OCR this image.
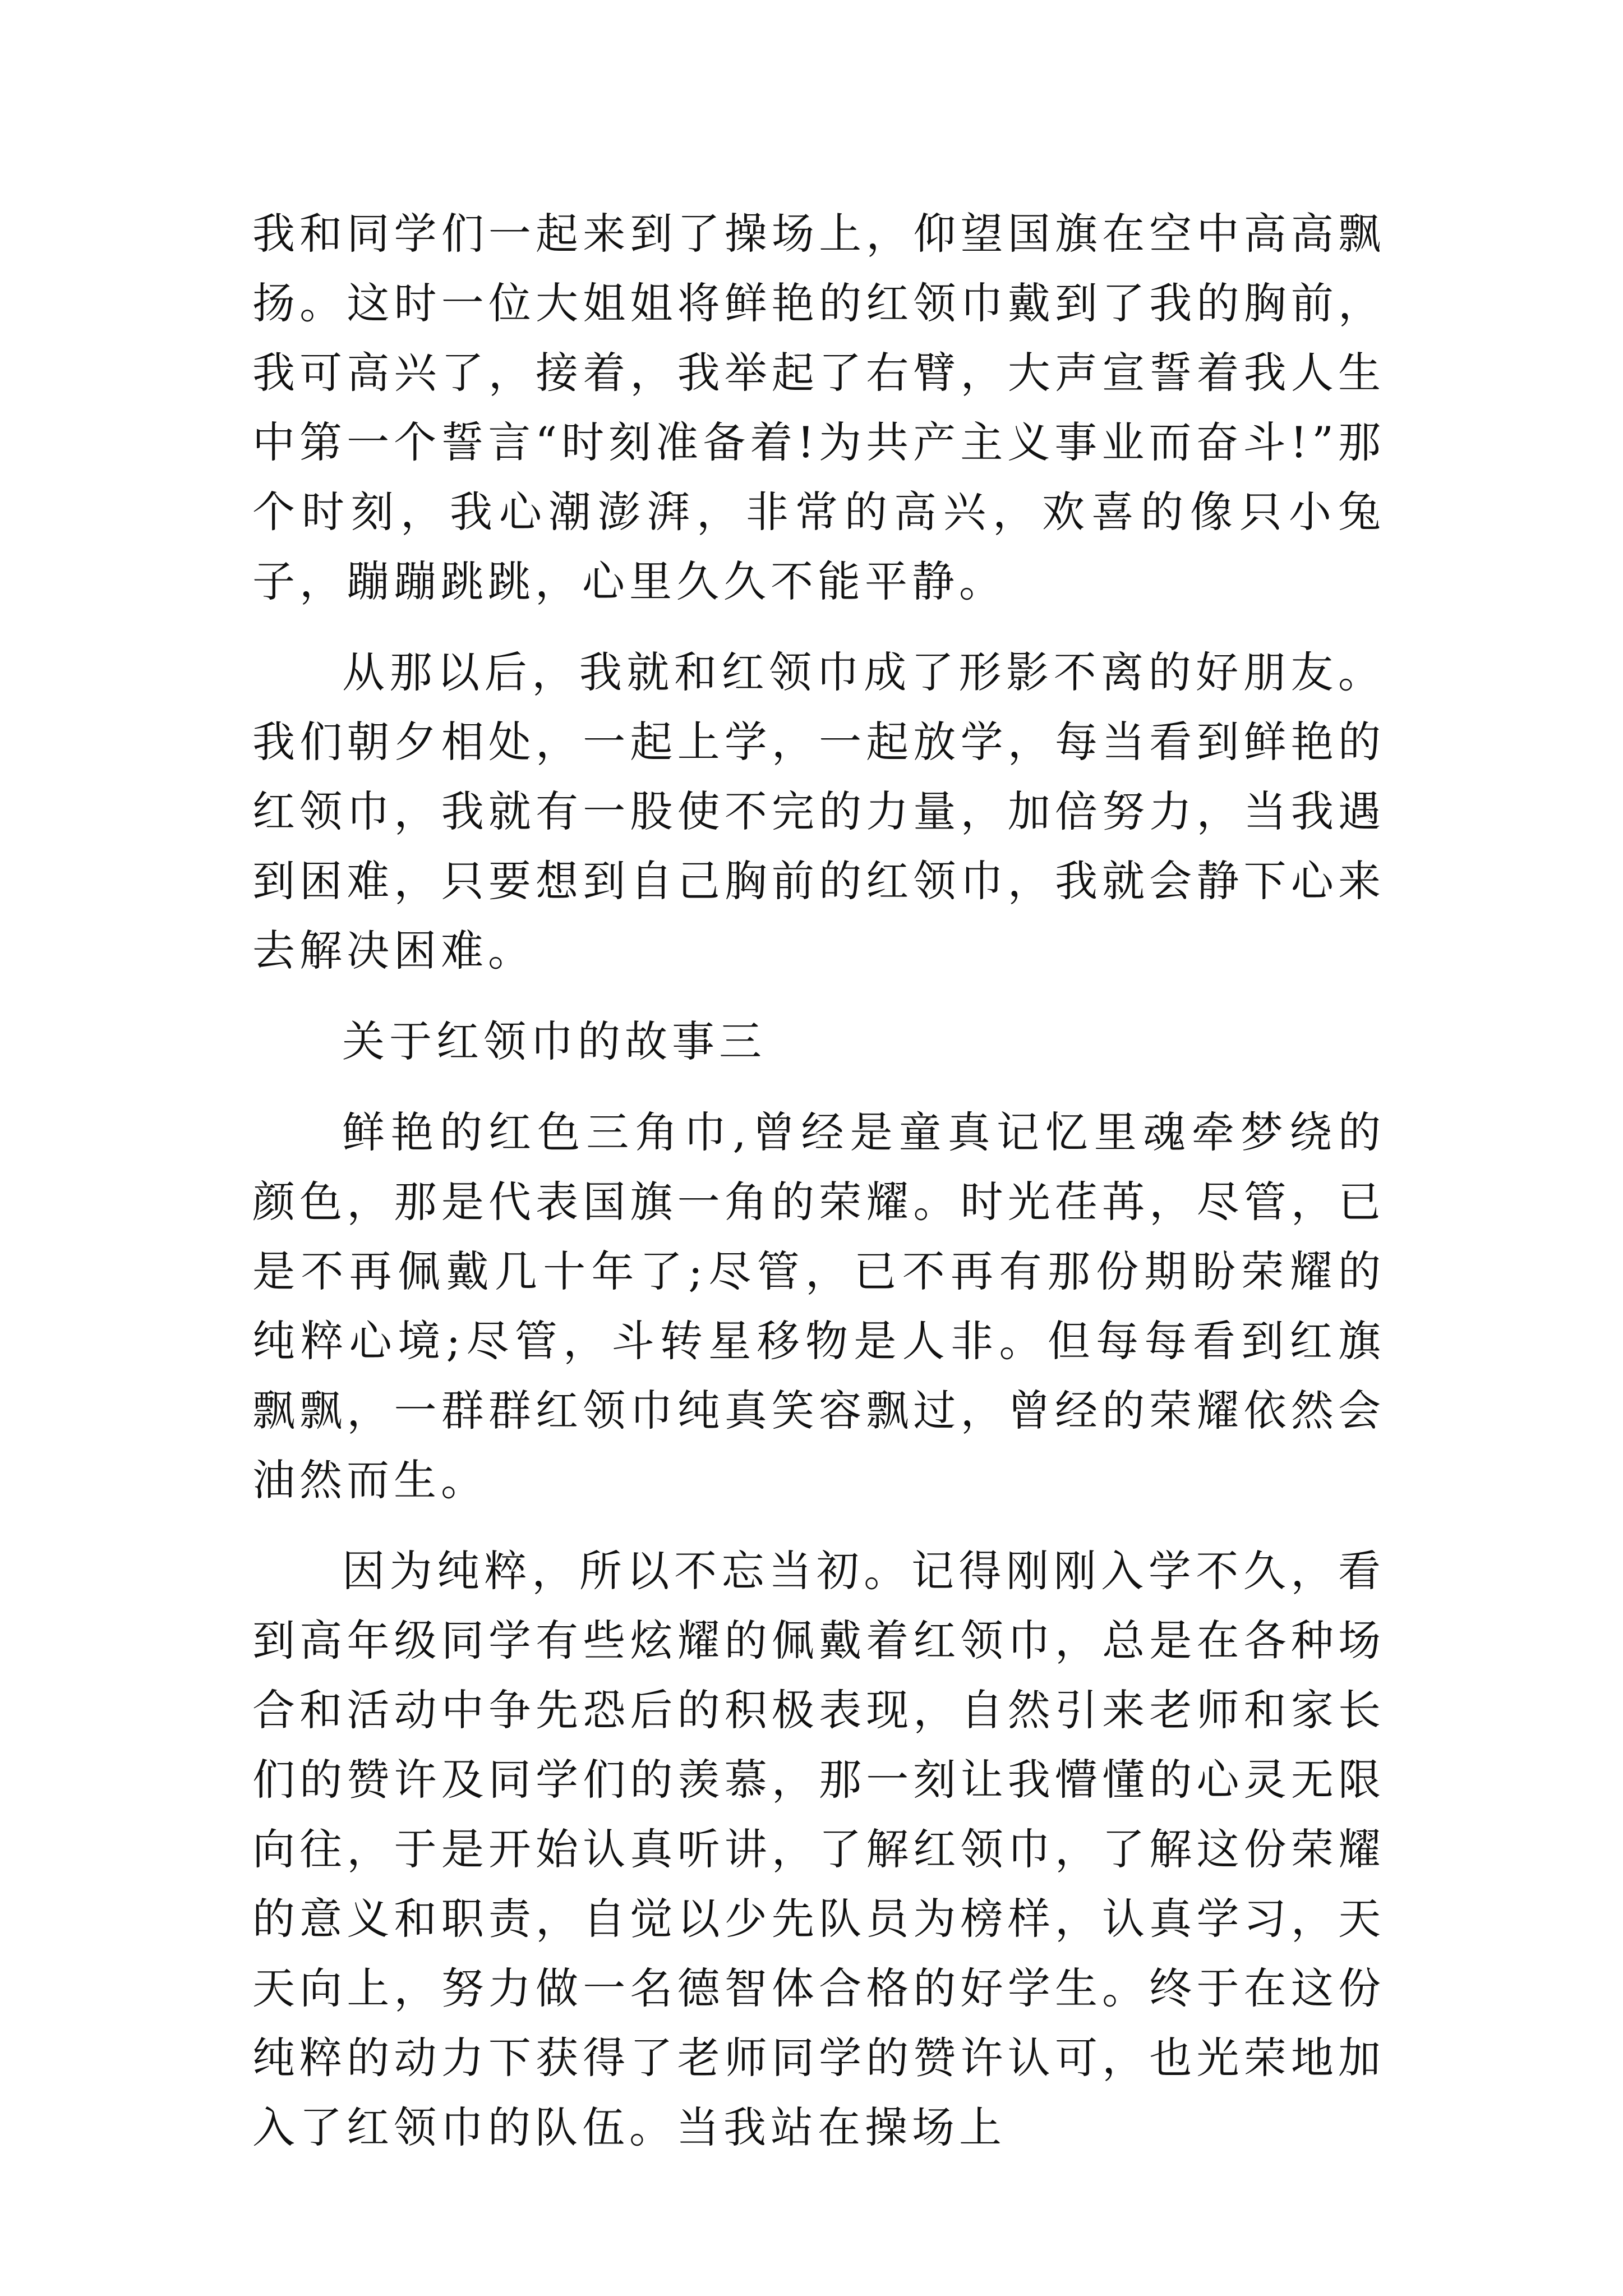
我和同学们一起来到了操场上，仰望国旗在空中高高飘扬。这时一位大姐姐将鲜艳的红领巾戴到了我的胸前，我可高兴了，接着，我举起了右臂，大声宣誓着我人生中第一个誓言“时刻准备着!为共产主义事业而奋斗!”那个时刻，我心潮澎湃，非常的高兴，欢喜的像只小兔子，蹦蹦跳跳，心里久久不能平静。

从那以后，我就和红领巾成了形影不离的好朋友。我们朝夕相处，一起上学，一起放学，每当看到鲜艳的红领巾，我就有一股使不完的力量，加倍努力，当我遇到困难，只要想到自己胸前的红领巾，我就会静下心来去解决困难。

关于红领巾的故事三

鲜艳的红色三角巾,曾经是童真记忆里魂牵梦绕的颜色，那是代表国旗一角的荣耀。时光荏苒，尽管，已是不再佩戴几十年了;尽管，已不再有那份期盼荣耀的纯粹心境;尽管，斗转星移物是人非。但每每看到红旗飘飘，一群群红领巾纯真笑容飘过，曾经的荣耀依然会油然而生。

因为纯粹，所以不忘当初。记得刚刚入学不久，看到高年级同学有些炫耀的佩戴着红领巾，总是在各种场合和活动中争先恐后的积极表现，自然引来老师和家长们的赞许及同学们的羡慕，那一刻让我懵懂的心灵无限向往，于是开始认真听讲，了解红领巾，了解这份荣耀的意义和职责，自觉以少先队员为榜样，认真学习，天天向上，努力做一名德智体合格的好学生。终于在这份纯粹的动力下获得了老师同学的赞许认可，也光荣地加入了红领巾的队伍。当我站在操场上
